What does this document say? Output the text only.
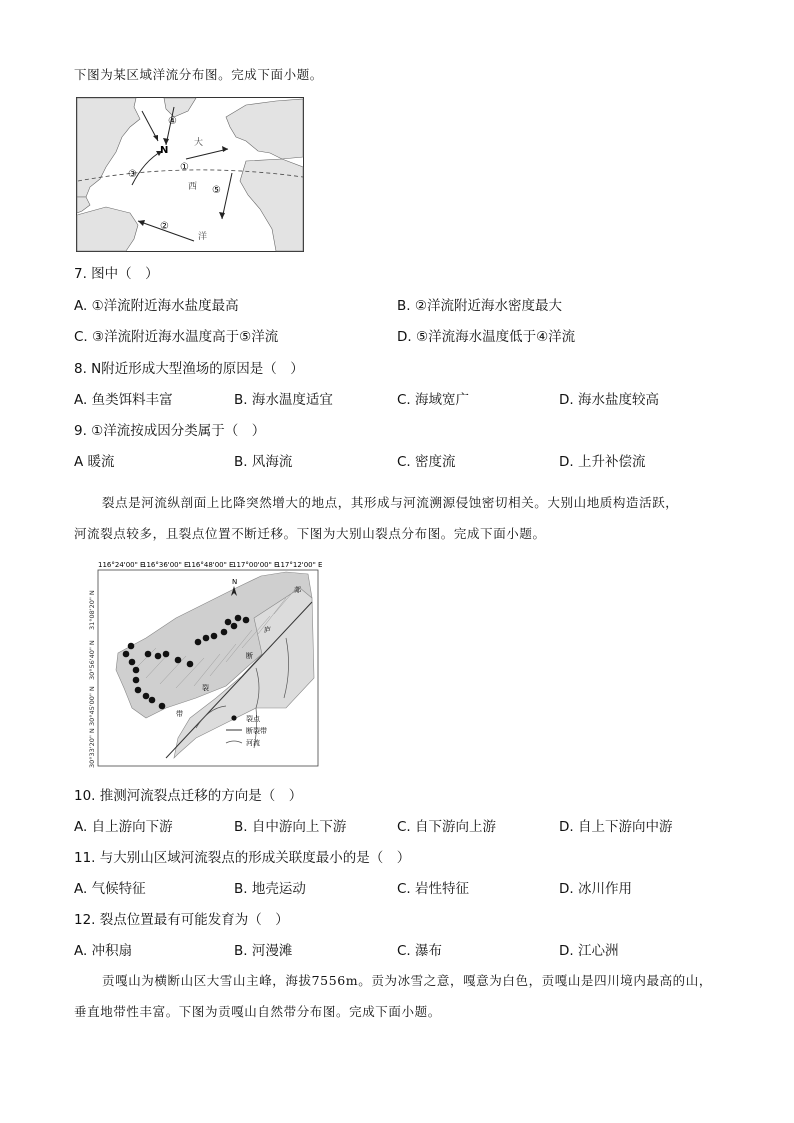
下图为某区域洋流分布图。完成下面小题。
④
N
①
③
⑤
②
大
西
洋
7. 图中（　）
A. ①洋流附近海水盐度最高	B. ②洋流附近海水密度最大
C. ③洋流附近海水温度高于⑤洋流	D. ⑤洋流海水温度低于④洋流
8. N附近形成大型渔场的原因是（　）
A. 鱼类饵料丰富	B. 海水温度适宜	C. 海域宽广	D. 海水盐度较高
9. ①洋流按成因分类属于（　）
A 暖流	B. 风海流	C. 密度流	D. 上升补偿流
裂点是河流纵剖面上比降突然增大的地点，其形成与河流溯源侵蚀密切相关。大别山地质构造活跃，
河流裂点较多，且裂点位置不断迁移。下图为大别山裂点分布图。完成下面小题。
116°24'00" E
116°36'00" E
116°48'00" E
117°00'00" E
117°12'00" E
31°08'20" N
30°56'40" N
30°45'00" N
30°33'20" N
N
郯
庐
断
裂
带
裂点
断裂带
河流
10. 推测河流裂点迁移的方向是（　）
A. 自上游向下游	B. 自中游向上下游	C. 自下游向上游	D. 自上下游向中游
11. 与大别山区域河流裂点的形成关联度最小的是（　）
A. 气候特征	B. 地壳运动	C. 岩性特征	D. 冰川作用
12. 裂点位置最有可能发育为（　）
A. 冲积扇	B. 河漫滩	C. 瀑布	D. 江心洲
贡嘎山为横断山区大雪山主峰，海拔7556m。贡为冰雪之意，嘎意为白色，贡嘎山是四川境内最高的山，
垂直地带性丰富。下图为贡嘎山自然带分布图。完成下面小题。
